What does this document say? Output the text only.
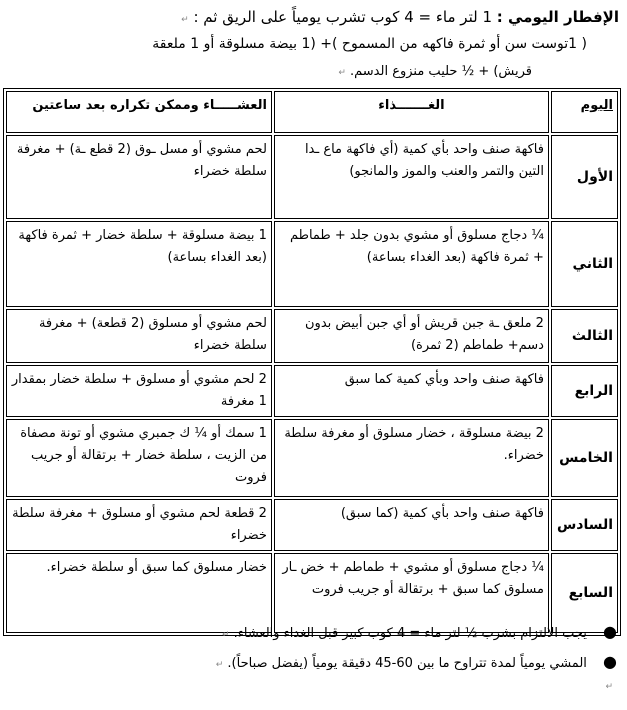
الإفطار اليومي : 1 لتر ماء = 4 كوب تشرب يومياً على الريق ثم : ↵
( 1توست سن أو ثمرة فاكهه من المسموح )+ (1 بيضة مسلوقة أو 1 ملعقة
قريش) + ½ حليب منزوع الدسم. ↵
اليوم	الغـــــــذاء	العشـــــاء وممكن تكراره بعد ساعتين
الأول	فاكهة صنف واحد بأي كمية (أي فاكهة ماع ـدا التين والتمر والعنب والموز والمانجو)	لحم مشوي أو مسل ـوق (2 قطع ـة) + مغرفة سلطة خضراء
الثاني	¼ دجاج مسلوق أو مشوي بدون جلد + طماطم + ثمرة فاكهة (بعد الغداء بساعة)	1 بيضة مسلوقة + سلطة خضار + ثمرة فاكهة (بعد الغداء بساعة)
الثالث	2 ملعق ـة جبن قريش أو أي جبن أبيض بدون دسم+ طماطم (2 ثمرة)	لحم مشوي أو مسلوق (2 قطعة) + مغرفة سلطة خضراء
الرابع	فاكهة صنف واحد وبأي كمية كما سبق	2 لحم مشوي أو مسلوق + سلطة خضار بمقدار 1 مغرفة
الخامس	2 بيضة مسلوقة ، خضار مسلوق أو مغرفة سلطة خضراء.	1 سمك أو ¼ ك جمبري مشوي أو تونة مصفاة من الزيت ، سلطة خضار + برتقالة أو جريب فروت
السادس	فاكهة صنف واحد بأي كمية (كما سبق)	2 قطعة لحم مشوي أو مسلوق + مغرفة سلطة خضراء
السابع	¼ دجاج مسلوق أو مشوي + طماطم + خض ـار مسلوق كما سبق + برتقالة أو جريب فروت	خضار مسلوق كما سبق أو سلطة خضراء.
● يجب الالتزام بشرب ½ لتر ماء = 4 كوب كبير قبل الغداء والعشاء. ↵
● المشي يومياً لمدة تتراوح ما بين 60-45 دقيقة يومياً (يفضل صباحاً). ↵
↵
